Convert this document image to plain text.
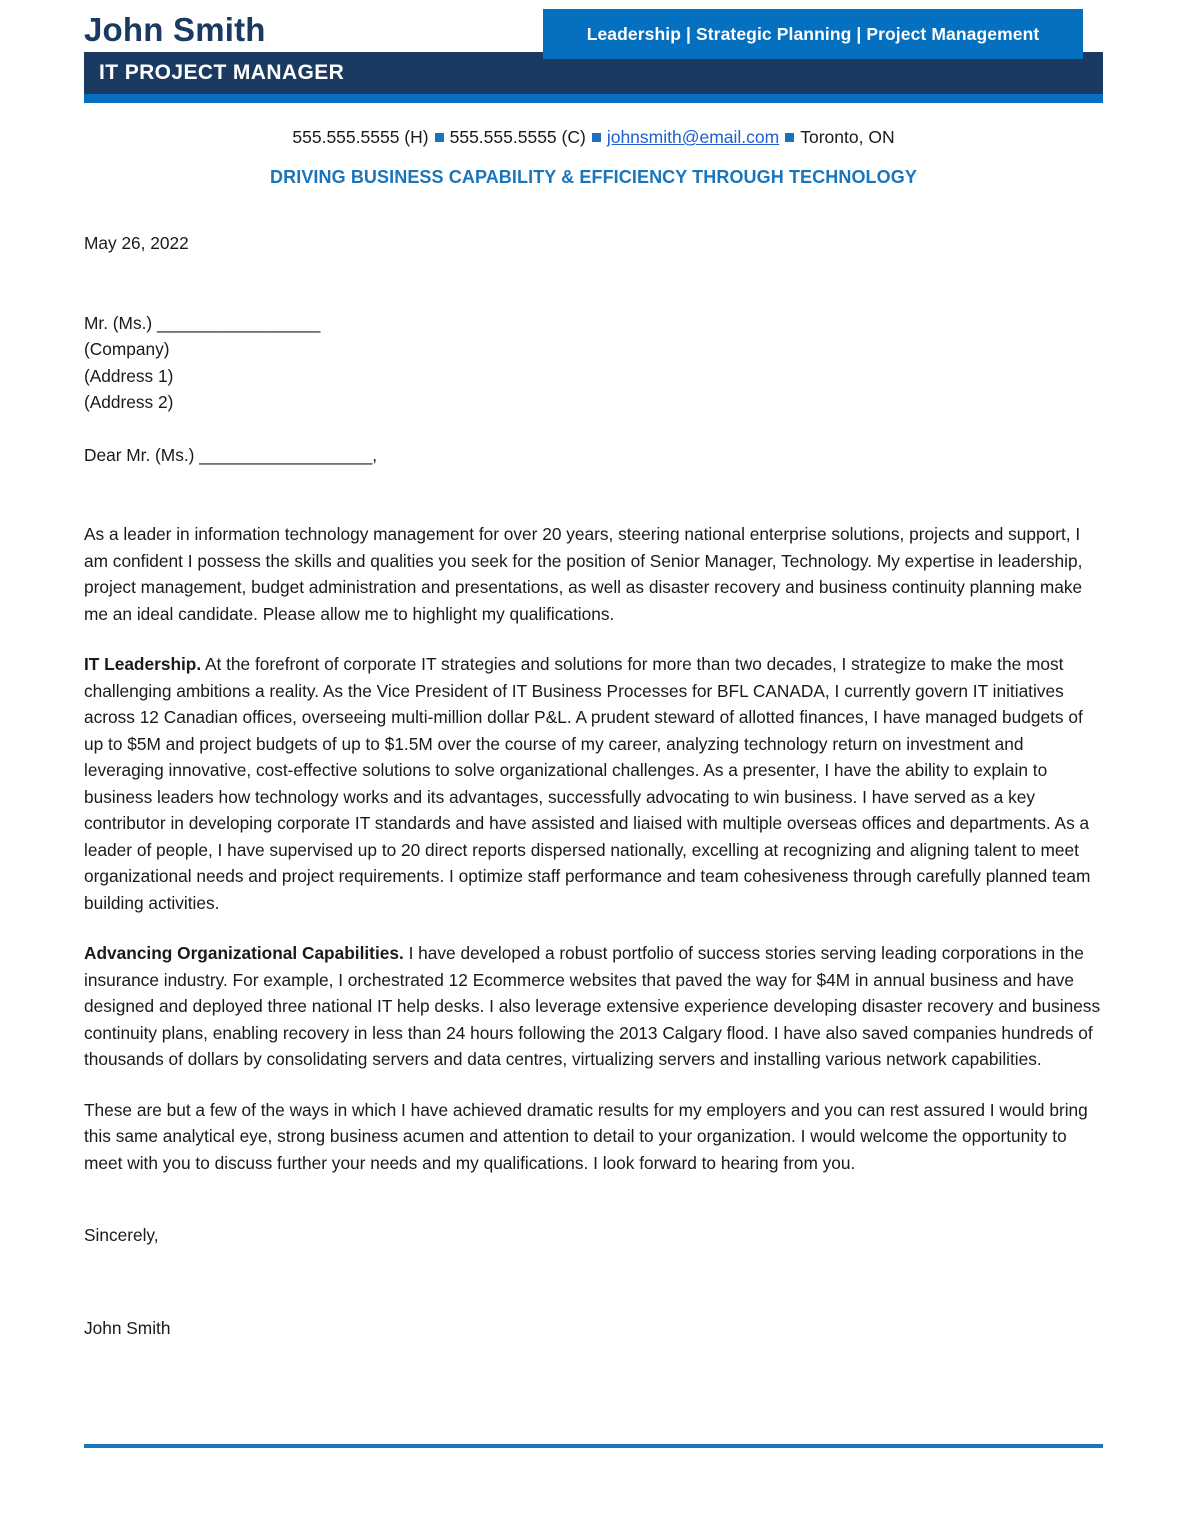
John Smith
IT PROJECT MANAGER
Leadership | Strategic Planning | Project Management
555.555.5555 (H) 555.555.5555 (C) johnsmith@email.com Toronto, ON
DRIVING BUSINESS CAPABILITY & EFFICIENCY THROUGH TECHNOLOGY
May 26, 2022
Mr. (Ms.) _________________
(Company)
(Address 1)
(Address 2)
Dear Mr. (Ms.) __________________,

As a leader in information technology management for over 20 years, steering national enterprise solutions, projects and support, I am confident I possess the skills and qualities you seek for the position of Senior Manager, Technology. My expertise in leadership, project management, budget administration and presentations, as well as disaster recovery and business continuity planning make me an ideal candidate. Please allow me to highlight my qualifications.

IT Leadership. At the forefront of corporate IT strategies and solutions for more than two decades, I strategize to make the most challenging ambitions a reality. As the Vice President of IT Business Processes for BFL CANADA, I currently govern IT initiatives across 12 Canadian offices, overseeing multi-million dollar P&L. A prudent steward of allotted finances, I have managed budgets of up to $5M and project budgets of up to $1.5M over the course of my career, analyzing technology return on investment and leveraging innovative, cost-effective solutions to solve organizational challenges. As a presenter, I have the ability to explain to business leaders how technology works and its advantages, successfully advocating to win business. I have served as a key contributor in developing corporate IT standards and have assisted and liaised with multiple overseas offices and departments. As a leader of people, I have supervised up to 20 direct reports dispersed nationally, excelling at recognizing and aligning talent to meet organizational needs and project requirements. I optimize staff performance and team cohesiveness through carefully planned team building activities.

Advancing Organizational Capabilities. I have developed a robust portfolio of success stories serving leading corporations in the insurance industry. For example, I orchestrated 12 Ecommerce websites that paved the way for $4M in annual business and have designed and deployed three national IT help desks. I also leverage extensive experience developing disaster recovery and business continuity plans, enabling recovery in less than 24 hours following the 2013 Calgary flood. I have also saved companies hundreds of thousands of dollars by consolidating servers and data centres, virtualizing servers and installing various network capabilities.

These are but a few of the ways in which I have achieved dramatic results for my employers and you can rest assured I would bring this same analytical eye, strong business acumen and attention to detail to your organization. I would welcome the opportunity to meet with you to discuss further your needs and my qualifications. I look forward to hearing from you.

Sincerely,
John Smith
